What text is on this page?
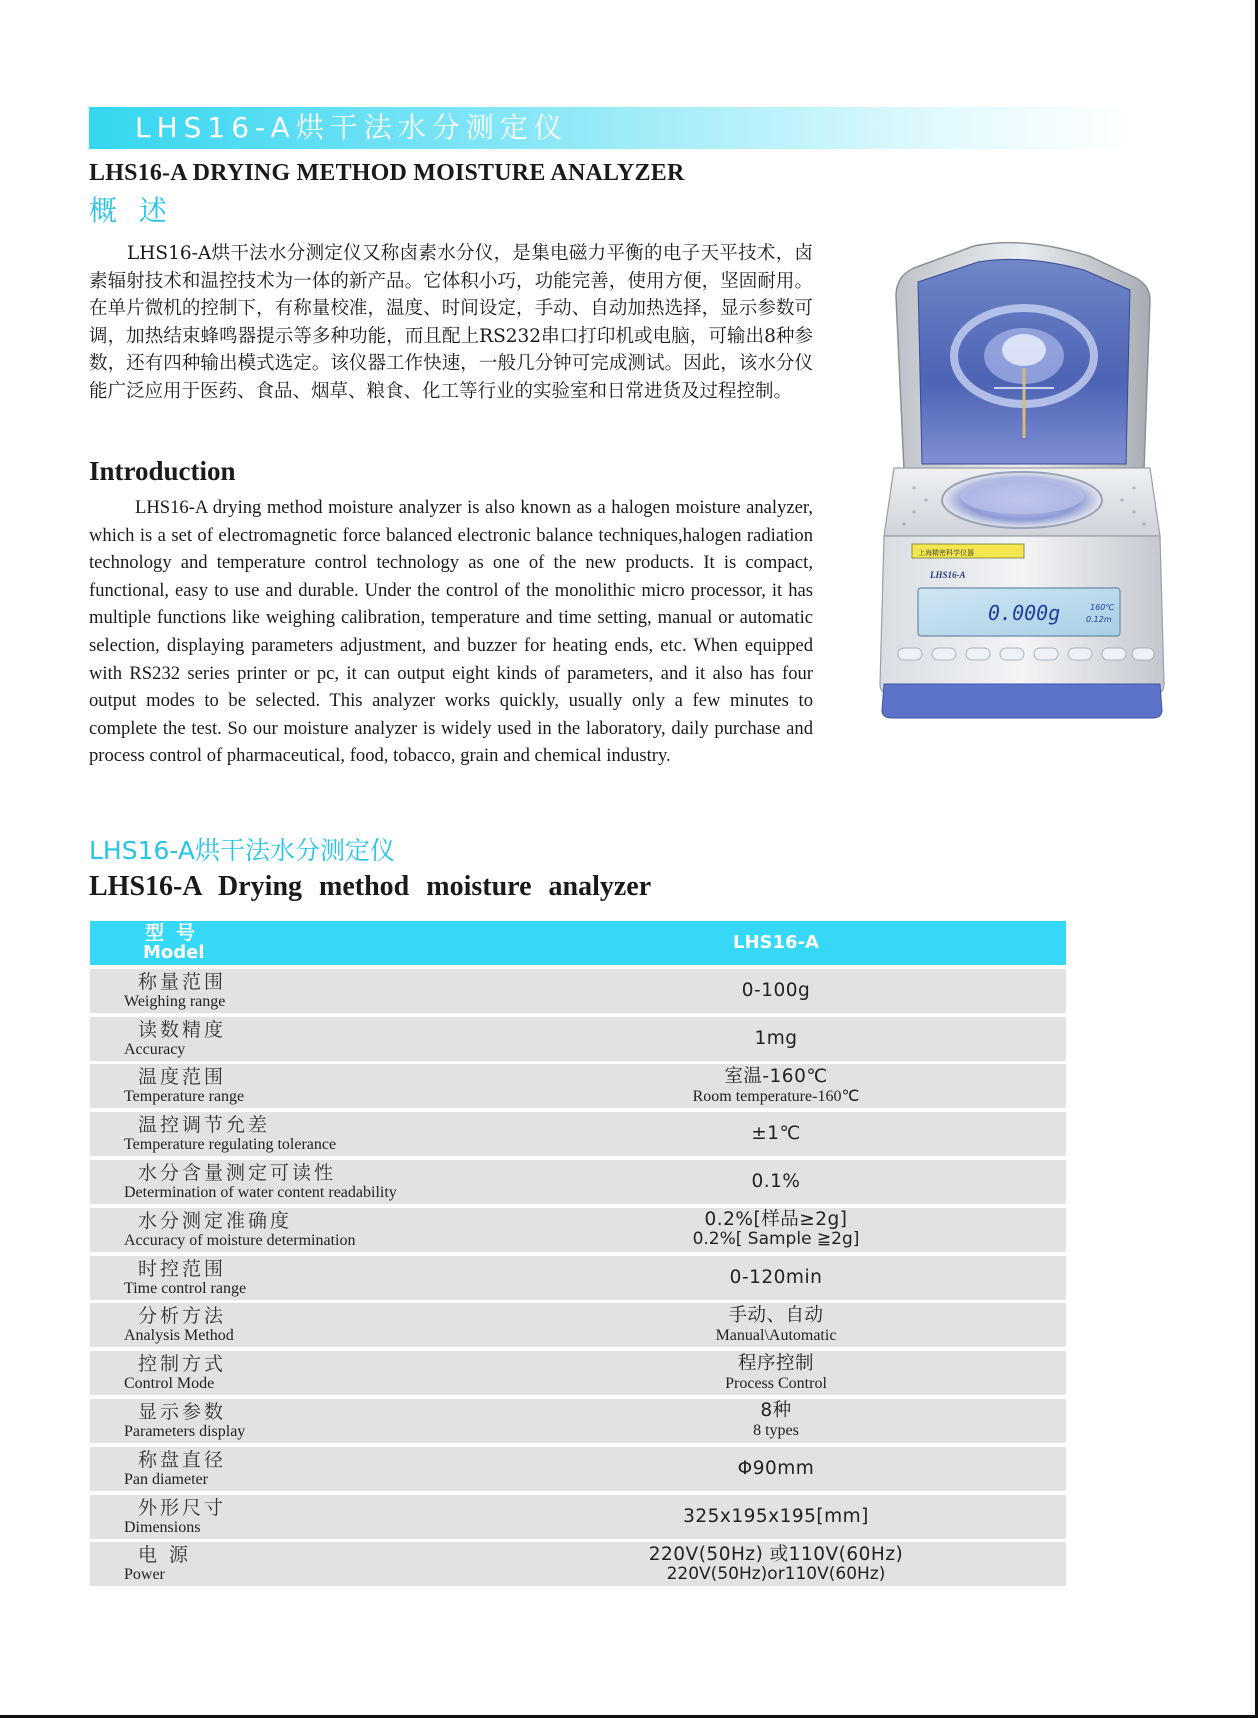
LHS16-A烘干法水分测定仪
LHS16-A DRYING METHOD MOISTURE ANALYZER
概述

LHS16-A烘干法水分测定仪又称卤素水分仪，是集电磁力平衡的电子天平技术，卤素辐射技术和温控技术为一体的新产品。它体积小巧，功能完善，使用方便，坚固耐用。在单片微机的控制下，有称量校准，温度、时间设定，手动、自动加热选择，显示参数可调，加热结束蜂鸣器提示等多种功能，而且配上RS232串口打印机或电脑，可输出8种参数，还有四种输出模式选定。该仪器工作快速，一般几分钟可完成测试。因此，该水分仪能广泛应用于医药、食品、烟草、粮食、化工等行业的实验室和日常进货及过程控制。

Introduction

LHS16-A drying method moisture analyzer is also known as a halogen moisture analyzer, which is a set of electromagnetic force balanced electronic balance techniques,halogen radiation technology and temperature control technology as one of the new products. It is compact, functional, easy to use and durable. Under the control of the monolithic micro processor, it has multiple functions like weighing calibration, temperature and time setting, manual or automatic selection, displaying parameters adjustment, and buzzer for heating ends, etc. When equipped with RS232 series printer or pc, it can output eight kinds of parameters, and it also has four output modes to be selected. This analyzer works quickly, usually only a few minutes to complete the test. So our moisture analyzer is widely used in the laboratory, daily purchase and process control of pharmaceutical, food, tobacco, grain and chemical industry.

上海精密科学仪器
LHS16-A
0.000g	160℃
0.12m
LHS16-A烘干法水分测定仪
LHS16-A Drying method moisture analyzer
型号
Model	LHS16-A
称量范围
Weighing range
0-100g
读数精度
Accuracy
1mg
温度范围
Temperature range
室温-160℃
Room temperature-160℃
温控调节允差
Temperature regulating tolerance
±1℃
水分含量测定可读性
Determination of water content readability
0.1%
水分测定准确度
Accuracy of moisture determination
0.2%[样品≥2g]
0.2%[ Sample ≧2g]
时控范围
Time control range
0-120min
分析方法
Analysis Method
手动、自动
Manual\Automatic
控制方式
Control Mode
程序控制
Process Control
显示参数
Parameters display
8种
8 types
称盘直径
Pan diameter
Φ90mm
外形尺寸
Dimensions
325x195x195[mm]
电 源
Power
220V(50Hz) 或110V(60Hz)
220V(50Hz)or110V(60Hz)
